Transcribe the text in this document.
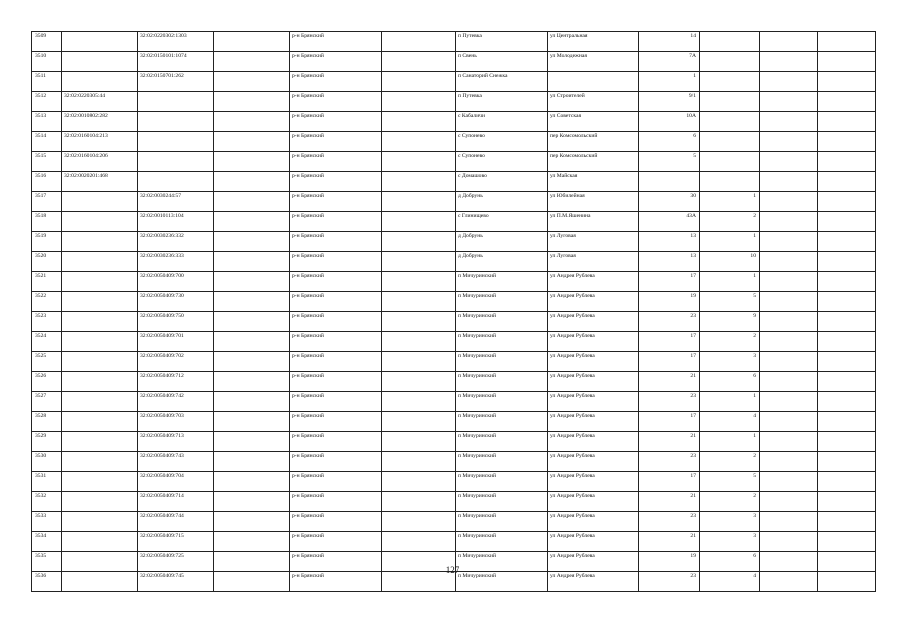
3509		32:02:0220302:1303		р-н Брянский		п Путевка	ул Центральная	14			
3510		32:02:0150101:1074		р-н Брянский		п Свень	ул Молодежная	7А			
3511		32:02:0150701:262		р-н Брянский		п Санаторий Снежка		1			
3512	32:02:0220305:44			р-н Брянский		п Путевка	ул Строителей	9/1			
3513	32:02:0010802:282			р-н Брянский		с Кабаличи	ул Советская	10А			
3514	32:02:0160104:213			р-н Брянский		с Супонево	пер Комсомольский	6			
3515	32:02:0160104:206			р-н Брянский		с Супонево	пер Комсомольский	5			
3516	32:02:0020201:468			р-н Брянский		с Домашово	ул Майская				
3517		32:02:0030244:57		р-н Брянский		д Добрунь	ул Юбилейная	30	1		
3518		32:02:0010113:104		р-н Брянский		с Глинищево	ул П.М.Яшенина	43А	2		
3519		32:02:0030236:332		р-н Брянский		д Добрунь	ул Луговая	13	1		
3520		32:02:0030236:333		р-н Брянский		д Добрунь	ул Луговая	13	10		
3521		32:02:0050409:700		р-н Брянский		п Мичуринский	ул Андрея Рублева	17	1		
3522		32:02:0050409:730		р-н Брянский		п Мичуринский	ул Андрея Рублева	19	5		
3523		32:02:0050409:750		р-н Брянский		п Мичуринский	ул Андрея Рублева	23	9		
3524		32:02:0050409:701		р-н Брянский		п Мичуринский	ул Андрея Рублева	17	2		
3525		32:02:0050409:702		р-н Брянский		п Мичуринский	ул Андрея Рублева	17	3		
3526		32:02:0050409:712		р-н Брянский		п Мичуринский	ул Андрея Рублева	21	6		
3527		32:02:0050409:742		р-н Брянский		п Мичуринский	ул Андрея Рублева	23	1		
3528		32:02:0050409:703		р-н Брянский		п Мичуринский	ул Андрея Рублева	17	4		
3529		32:02:0050409:713		р-н Брянский		п Мичуринский	ул Андрея Рублева	21	1		
3530		32:02:0050409:743		р-н Брянский		п Мичуринский	ул Андрея Рублева	23	2		
3531		32:02:0050409:704		р-н Брянский		п Мичуринский	ул Андрея Рублева	17	5		
3532		32:02:0050409:714		р-н Брянский		п Мичуринский	ул Андрея Рублева	21	2		
3533		32:02:0050409:744		р-н Брянский		п Мичуринский	ул Андрея Рублева	23	3		
3534		32:02:0050409:715		р-н Брянский		п Мичуринский	ул Андрея Рублева	21	3		
3535		32:02:0050409:725		р-н Брянский		п Мичуринский	ул Андрея Рублева	19	6		
3536		32:02:0050409:745		р-н Брянский		п Мичуринский	ул Андрея Рублева	23	4		
127
